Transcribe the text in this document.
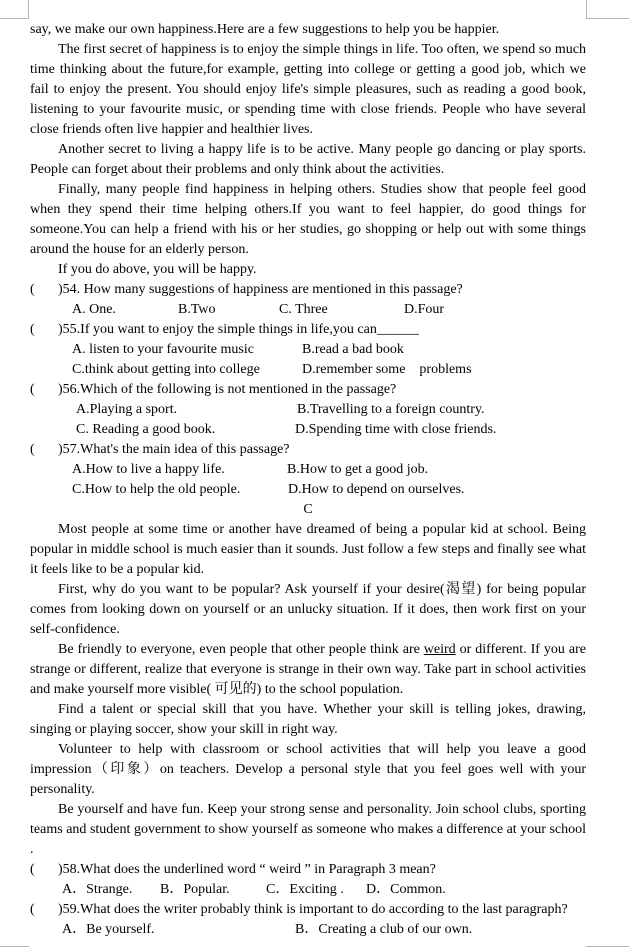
say, we make our own happiness.Here are a few suggestions to help you be happier.

The first secret of happiness is to enjoy the simple things in life. Too often, we spend so much time thinking about the future,for example, getting into college or getting a good job, which we fail to enjoy the present. You should enjoy life's simple pleasures, such as reading a good book, listening to your favourite music, or spending time with close friends. People who have several close friends often live happier and healthier lives.

Another secret to living a happy life is to be active. Many people go dancing or play sports. People can forget about their problems and only think about the activities.

Finally, many people find happiness in helping others. Studies show that people feel good when they spend their time helping others.If you want to feel happier, do good things for someone.You can help a friend with his or her studies, go shopping or help out with some things around the house for an elderly person.

If you do above, you will be happy.

( )54. How many suggestions of happiness are mentioned in this passage?
A. One.	B.Two	C. Three	D.Four
( )55.If you want to enjoy the simple things in life,you can______
A. listen to your favourite music	B.read a bad book
C.think about getting into college	D.remember some    problems
( )56.Which of the following is not mentioned in the passage?
A.Playing a sport.	B.Travelling to a foreign country.
C. Reading a good book.	D.Spending time with close friends.
( )57.What's the main idea of this passage?
A.How to live a happy life.	B.How to get a good job.
C.How to help the old people.	D.How to depend on ourselves.
C

Most people at some time or another have dreamed of being a popular kid at school. Being popular in middle school is much easier than it sounds. Just follow a few steps and finally see what it feels like to be a popular kid.

First, why do you want to be popular? Ask yourself if your desire(渴望) for being popular comes from looking down on yourself or an unlucky situation. If it does, then work first on your self-confidence.

Be friendly to everyone, even people that other people think are weird or different. If you are strange or different, realize that everyone is strange in their own way. Take part in school activities and make yourself more visible( 可见的) to the school population.

Find a talent or special skill that you have. Whether your skill is telling jokes, drawing, singing or playing soccer, show your skill in right way.

Volunteer to help with classroom or school activities that will help you leave a good impression（印象）on teachers. Develop a personal style that you feel goes well with your personality.

Be yourself and have fun. Keep your strong sense and personality. Join school clubs, sporting teams and student government to show yourself as someone who makes a difference at your school .

( )58.What does the underlined word “ weird ” in Paragraph 3 mean?
A．Strange. B．Popular.	C．Exciting . D．Common.
( )59.What does the writer probably think is important to do according to the last paragraph?
A．Be yourself.	B．Creating a club of our own.
